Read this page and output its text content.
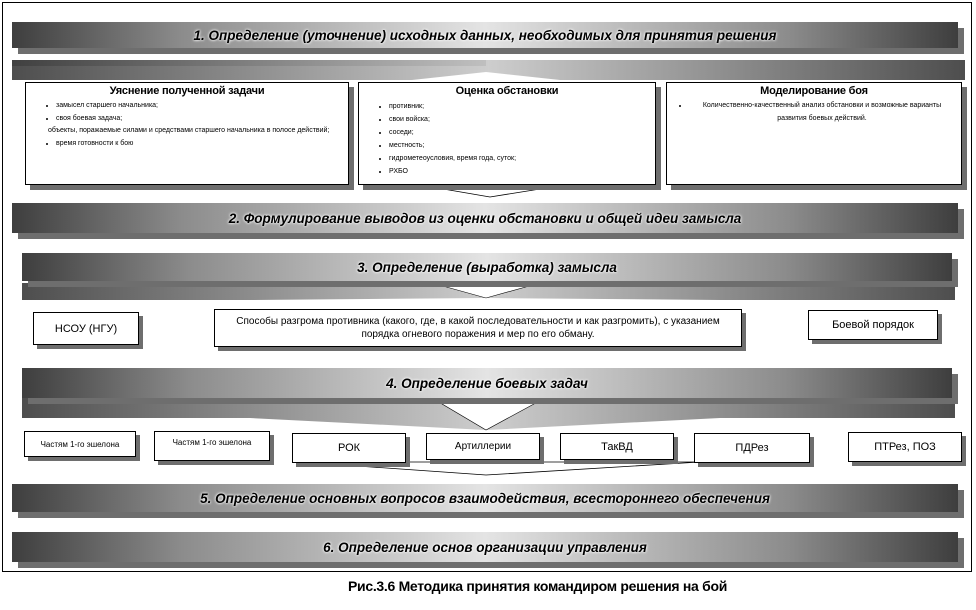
1. Определение (уточнение) исходных данных, необходимых для принятия решения
Уяснение полученной задачи
• замысел старшего начальника;
• своя боевая задача;
объекты, поражаемые силами и средствами старшего начальника в полосе действий;
• время готовности к бою
Оценка обстановки
• противник;
• свои войска;
• соседи;
• местность;
• гидрометеоусловия, время года, суток;
• РХБО
Моделирование боя
• Количественно-качественный анализ обстановки и возможные варианты развития боевых действий.
2. Формулирование выводов из оценки обстановки и общей идеи замысла
3. Определение (выработка) замысла
НСОУ (НГУ)
Способы разгрома противника (какого, где, в какой последовательности и как разгромить), с указанием порядка огневого поражения и мер по его обману.
Боевой порядок
4. Определение боевых задач
Частям 1-го эшелона	Частям 1-го эшелона	РОК	Артиллерии	ТакВД	ПДРез	ПТРез, ПОЗ
5. Определение основных вопросов взаимодействия, всестороннего обеспечения
6. Определение основ организации управления
Рис.3.6 Методика принятия командиром решения на бой
